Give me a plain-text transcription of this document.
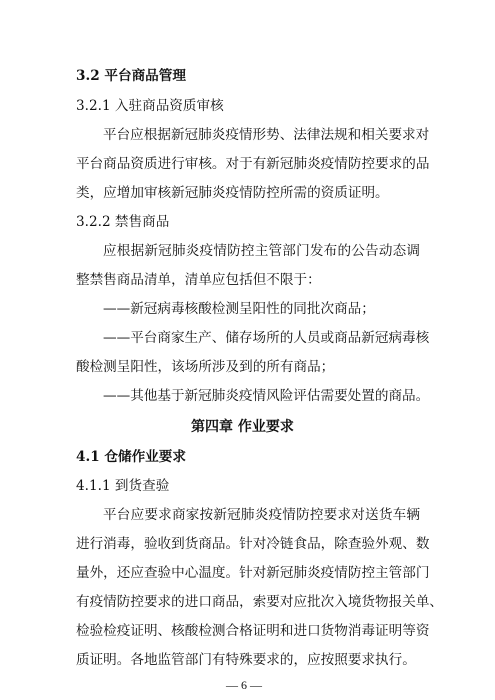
3.2 平台商品管理
3.2.1 入驻商品资质审核
平台应根据新冠肺炎疫情形势、法律法规和相关要求对
平台商品资质进行审核。对于有新冠肺炎疫情防控要求的品
类，应增加审核新冠肺炎疫情防控所需的资质证明。
3.2.2 禁售商品
应根据新冠肺炎疫情防控主管部门发布的公告动态调
整禁售商品清单，清单应包括但不限于：
——新冠病毒核酸检测呈阳性的同批次商品；
——平台商家生产、储存场所的人员或商品新冠病毒核
酸检测呈阳性，该场所涉及到的所有商品；
——其他基于新冠肺炎疫情风险评估需要处置的商品。
第四章 作业要求
4.1 仓储作业要求
4.1.1 到货查验
平台应要求商家按新冠肺炎疫情防控要求对送货车辆
进行消毒，验收到货商品。针对冷链食品，除查验外观、数
量外，还应查验中心温度。针对新冠肺炎疫情防控主管部门
有疫情防控要求的进口商品，索要对应批次入境货物报关单、
检验检疫证明、核酸检测合格证明和进口货物消毒证明等资
质证明。各地监管部门有特殊要求的，应按照要求执行。
— 6 —
